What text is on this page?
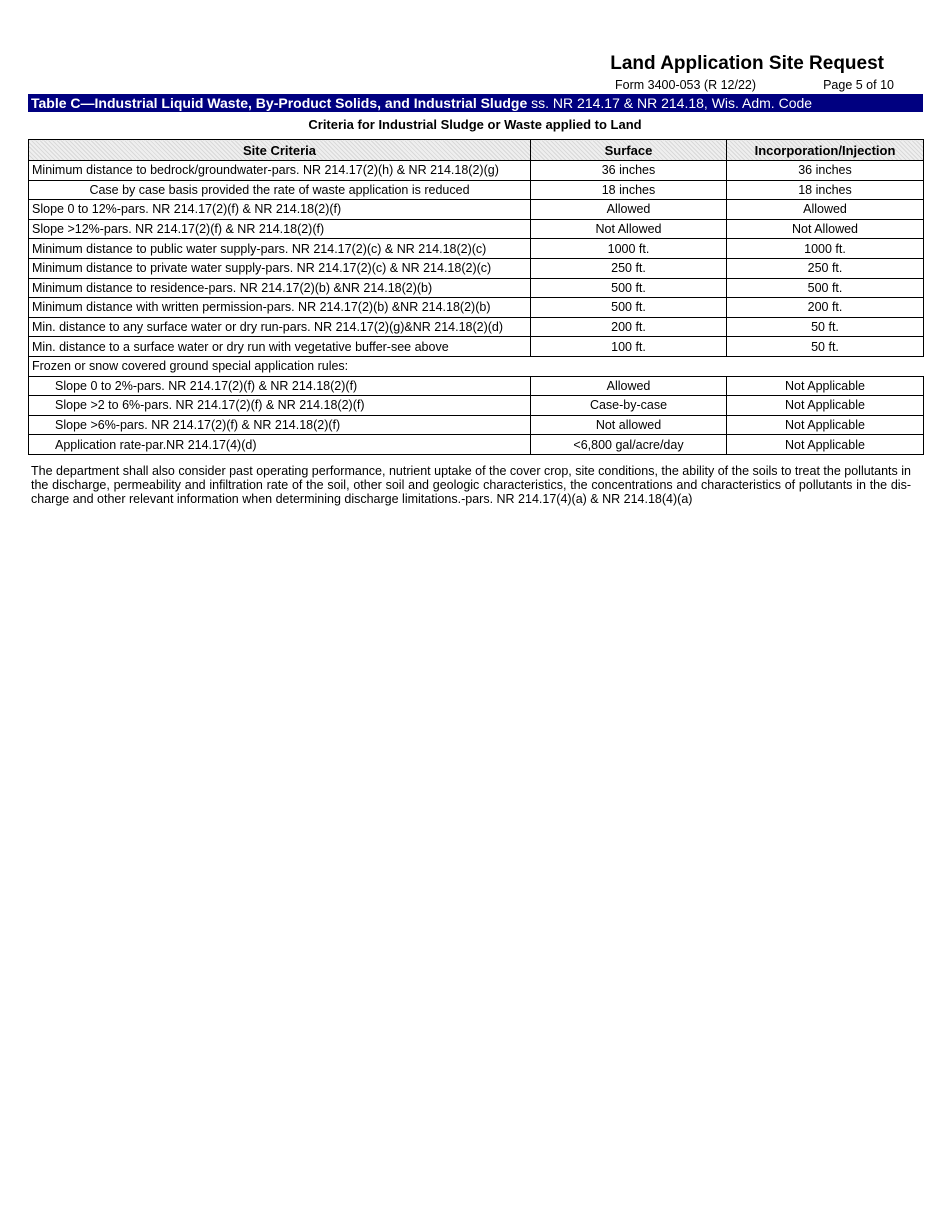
Land Application Site Request
Form 3400-053 (R 12/22)	Page 5 of 10
Table C—Industrial Liquid Waste, By-Product Solids, and Industrial Sludge ss. NR 214.17 & NR 214.18, Wis. Adm. Code
Criteria for Industrial Sludge or Waste applied to Land
Site Criteria	Surface	Incorporation/Injection
Minimum distance to bedrock/groundwater-pars. NR 214.17(2)(h) & NR 214.18(2)(g)	36 inches	36 inches
Case by case basis provided the rate of waste application is reduced	18 inches	18 inches
Slope 0 to 12%-pars. NR 214.17(2)(f) & NR 214.18(2)(f)	Allowed	Allowed
Slope >12%-pars. NR 214.17(2)(f) & NR 214.18(2)(f)	Not Allowed	Not Allowed
Minimum distance to public water supply-pars. NR 214.17(2)(c) & NR 214.18(2)(c)	1000 ft.	1000 ft.
Minimum distance to private water supply-pars. NR 214.17(2)(c) & NR 214.18(2)(c)	250 ft.	250 ft.
Minimum distance to residence-pars. NR 214.17(2)(b) &NR 214.18(2)(b)	500 ft.	500 ft.
Minimum distance with written permission-pars. NR 214.17(2)(b) &NR 214.18(2)(b)	500 ft.	200 ft.
Min. distance to any surface water or dry run-pars. NR 214.17(2)(g)&NR 214.18(2)(d)	200 ft.	50 ft.
Min. distance to a surface water or dry run with vegetative buffer-see above	100 ft.	50 ft.
Frozen or snow covered ground special application rules:		
Slope 0 to 2%-pars. NR 214.17(2)(f) & NR 214.18(2)(f)	Allowed	Not Applicable
Slope >2 to 6%-pars. NR 214.17(2)(f) & NR 214.18(2)(f)	Case-by-case	Not Applicable
Slope >6%-pars. NR 214.17(2)(f) & NR 214.18(2)(f)	Not allowed	Not Applicable
Application rate-par.NR 214.17(4)(d)	<6,800 gal/acre/day	Not Applicable
The department shall also consider past operating performance, nutrient uptake of the cover crop, site conditions, the ability of the soils to treat the pollutants in the discharge, permeability and infiltration rate of the soil, other soil and geologic characteristics, the concentrations and characteristics of pollutants in the dis-charge and other relevant information when determining discharge limitations.-pars. NR 214.17(4)(a) & NR 214.18(4)(a)
